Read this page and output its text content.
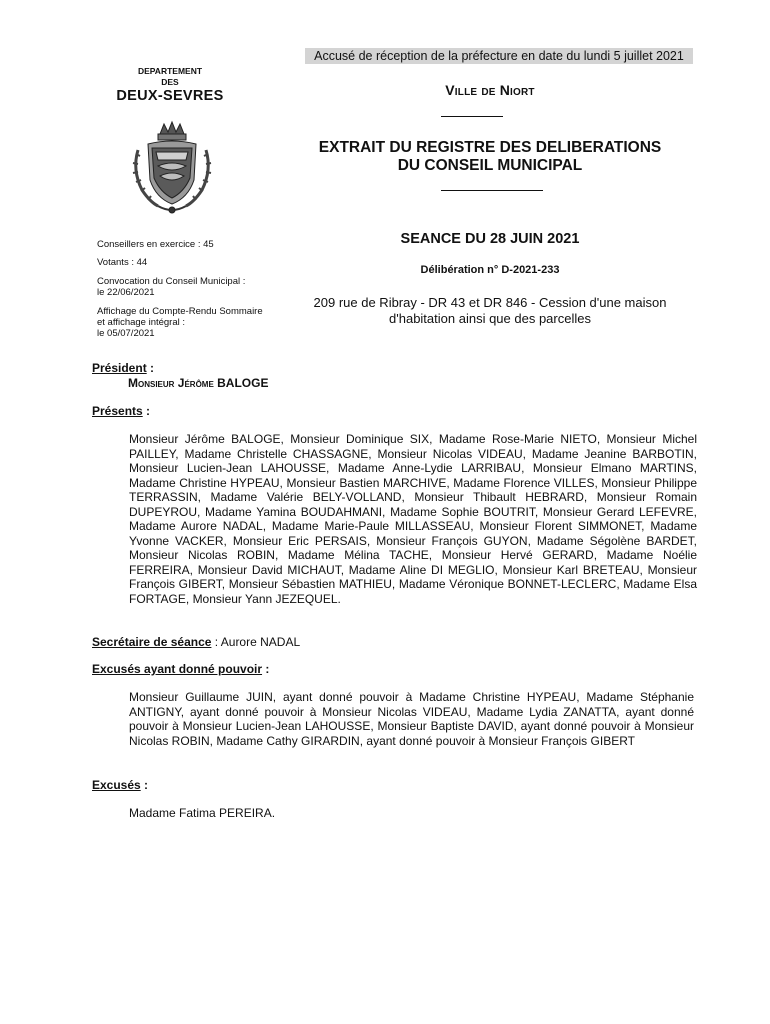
Accusé de réception de la préfecture en date du lundi 5 juillet 2021
DEPARTEMENT
DES
DEUX-SEVRES	Ville de Niort
EXTRAIT DU REGISTRE DES DELIBERATIONS
DU CONSEIL MUNICIPAL
SEANCE DU 28 JUIN 2021
Délibération n° D-2021-233
209 rue de Ribray - DR 43 et DR 846 - Cession d'une maison
d'habitation ainsi que des parcelles
Conseillers en exercice : 45
Votants : 44
Convocation du Conseil Municipal :
le 22/06/2021
Affichage du Compte-Rendu Sommaire
et affichage intégral :
le 05/07/2021
Président :
Monsieur Jérôme BALOGE
Présents :
Monsieur Jérôme BALOGE, Monsieur Dominique SIX, Madame Rose-Marie NIETO, Monsieur Michel PAILLEY, Madame Christelle CHASSAGNE, Monsieur Nicolas VIDEAU, Madame Jeanine BARBOTIN, Monsieur Lucien-Jean LAHOUSSE, Madame Anne-Lydie LARRIBAU, Monsieur Elmano MARTINS, Madame Christine HYPEAU, Monsieur Bastien MARCHIVE, Madame Florence VILLES, Monsieur Philippe TERRASSIN, Madame Valérie BELY-VOLLAND, Monsieur Thibault HEBRARD, Monsieur Romain DUPEYROU, Madame Yamina BOUDAHMANI, Madame Sophie BOUTRIT, Monsieur Gerard LEFEVRE, Madame Aurore NADAL, Madame Marie-Paule MILLASSEAU, Monsieur Florent SIMMONET, Madame Yvonne VACKER, Monsieur Eric PERSAIS, Monsieur François GUYON, Madame Ségolène BARDET, Monsieur Nicolas ROBIN, Madame Mélina TACHE, Monsieur Hervé GERARD, Madame Noélie FERREIRA, Monsieur David MICHAUT, Madame Aline DI MEGLIO, Monsieur Karl BRETEAU, Monsieur François GIBERT, Monsieur Sébastien MATHIEU, Madame Véronique BONNET-LECLERC, Madame Elsa FORTAGE, Monsieur Yann JEZEQUEL.
Secrétaire de séance : Aurore NADAL
Excusés ayant donné pouvoir :
Monsieur Guillaume JUIN, ayant donné pouvoir à Madame Christine HYPEAU, Madame Stéphanie ANTIGNY, ayant donné pouvoir à Monsieur Nicolas VIDEAU, Madame Lydia ZANATTA, ayant donné pouvoir à Monsieur Lucien-Jean LAHOUSSE, Monsieur Baptiste DAVID, ayant donné pouvoir à Monsieur Nicolas ROBIN, Madame Cathy GIRARDIN, ayant donné pouvoir à Monsieur François GIBERT
Excusés :
Madame Fatima PEREIRA.
